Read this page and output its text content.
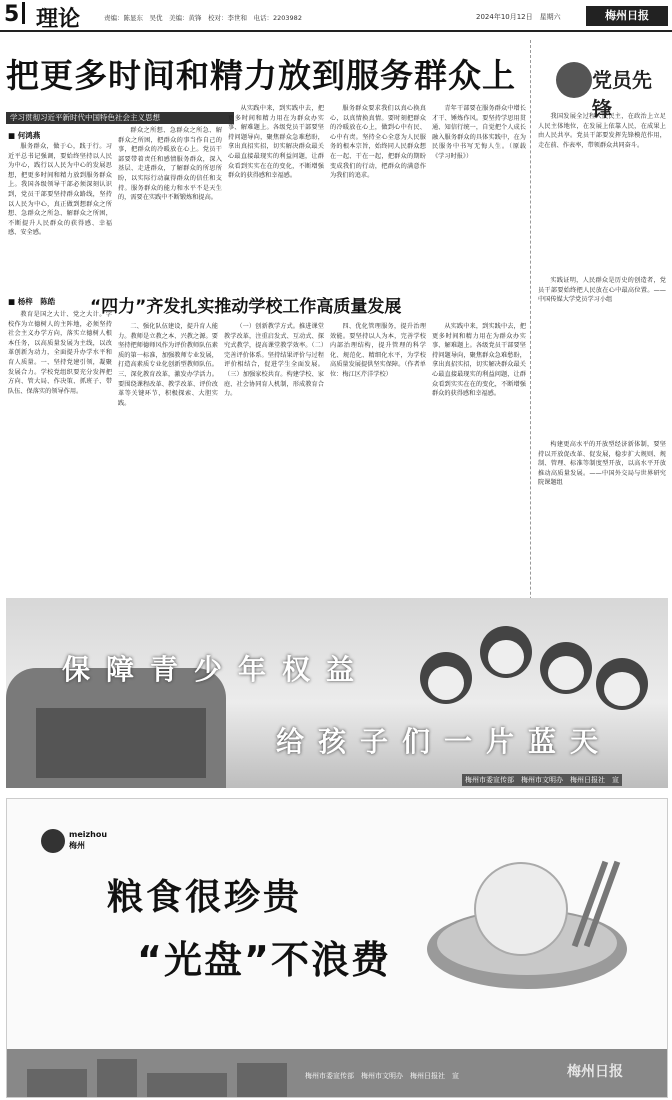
5 理论	责编：陈显东　吴优　美编：黄锋　校对：李世和　电话：2203982	2024年10月12日　星期六	梅州日报
把更多时间和精力放到服务群众上
学习贯彻习近平新时代中国特色社会主义思想
■ 何鸿燕

服务群众，做于心，践于行。习近平总书记强调，要始终坚持以人民为中心，践行以人民为中心的发展思想，把更多时间和精力放到服务群众上。我国各级领导干部必须深刻认识到，党员干部要坚持群众路线，坚持以人民为中心，真正做到想群众之所想、急群众之所急、解群众之所困，不断提升人民群众的获得感、幸福感、安全感。

群众之所想、急群众之所急、解群众之所困，把群众的事当作自己的事，把群众的冷暖放在心上。党员干部要带着责任和感情服务群众，深入基层、走进群众，了解群众的所思所盼，以实际行动赢得群众的信任和支持。服务群众的能力和水平不是天生的，需要在实践中不断锻炼和提高。

从实践中来，到实践中去，把更多时间和精力用在为群众办实事、解难题上。各级党员干部要坚持问题导向，聚焦群众急难愁盼，拿出真招实招，切实解决群众最关心最直接最现实的利益问题，让群众看到实实在在的变化，不断增强群众的获得感和幸福感。

服务群众要求我们以真心换真心，以真情换真情。要时刻把群众的冷暖放在心上，做到心中有民、心中有责。坚持全心全意为人民服务的根本宗旨，始终同人民群众想在一起、干在一起，把群众的期盼变成我们的行动，把群众的满意作为我们的追求。

青年干部要在服务群众中增长才干、锤炼作风。要坚持学思用贯通、知信行统一，自觉把个人成长融入服务群众的具体实践中，在为民服务中书写无悔人生。（原载《学习时报》）

■ 杨梓　陈皓 “四力”齐发扎实推动学校工作高质量发展

教育是国之大计、党之大计。学校作为立德树人的主阵地，必须坚持社会主义办学方向，落实立德树人根本任务，以高质量发展为主线，以改革创新为动力，全面提升办学水平和育人质量。一、坚持党建引领，凝聚发展合力。学校党组织要充分发挥把方向、管大局、作决策、抓班子、带队伍、保落实的领导作用。

二、强化队伍建设，提升育人能力。教师是立教之本、兴教之源。要坚持把师德师风作为评价教师队伍素质的第一标准，加强教师专业发展，打造高素质专业化创新型教师队伍。三、深化教育改革，激发办学活力。要围绕课程改革、教学改革、评价改革等关键环节，积极探索、大胆实践。

（一）创新教学方式。推进课堂教学改革，注重启发式、互动式、探究式教学，提高课堂教学效率。（二）完善评价体系。坚持结果评价与过程评价相结合，促进学生全面发展。（三）加强家校共育。构建学校、家庭、社会协同育人机制，形成教育合力。

四、优化管理服务，提升治理效能。要坚持以人为本，完善学校内部治理结构，提升管理的科学化、规范化、精细化水平，为学校高质量发展提供坚实保障。（作者单位：梅江区芹洋学校）

从实践中来，到实践中去，把更多时间和精力用在为群众办实事、解难题上。各级党员干部要坚持问题导向，聚焦群众急难愁盼，拿出真招实招，切实解决群众最关心最直接最现实的利益问题，让群众看到实实在在的变化，不断增强群众的获得感和幸福感。

党员先锋

我国发展全过程人民民主，在政治上立足人民主体地位，在发展上依靠人民，在成果上由人民共享。党员干部要发挥先锋模范作用，走在前、作表率，带领群众共同奋斗。

实践证明，人民群众是历史的创造者，党员干部要始终把人民放在心中最高位置。——中国传媒大学党员学习小组

构建更高水平的开放型经济新体制，要坚持以开放促改革、促发展，稳步扩大规则、规制、管理、标准等制度型开放，以高水平开放推动高质量发展。——中国外交局与世界研究院课题组

保障青少年权益
给孩子们一片蓝天
梅州市委宣传部　梅州市文明办　梅州日报社　宣
meizhou
梅州
粮食很珍贵
“光盘”不浪费
梅州市委宣传部　梅州市文明办　梅州日报社　宣	梅州日报
